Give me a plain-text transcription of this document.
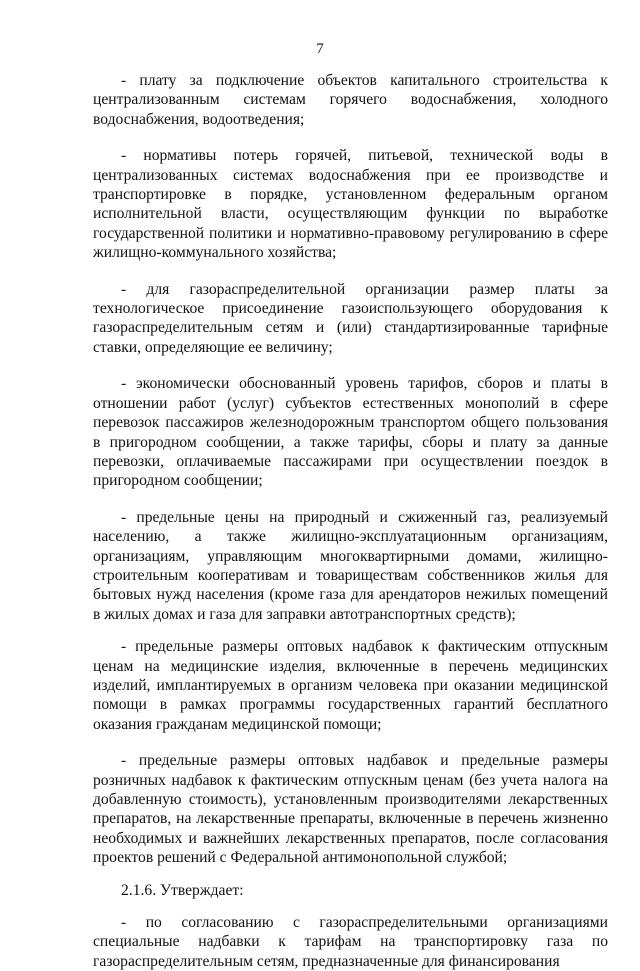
7

- плату за подключение объектов капитального строительства к централизованным системам горячего водоснабжения, холодного водоснабжения, водоотведения;

- нормативы потерь горячей, питьевой, технической воды в централизованных системах водоснабжения при ее производстве и транспортировке в порядке, установленном федеральным органом исполнительной власти, осуществляющим функции по выработке государственной политики и нормативно-правовому регулированию в сфере жилищно-коммунального хозяйства;

- для газораспределительной организации размер платы за технологическое присоединение газоиспользующего оборудования к газораспределительным сетям и (или) стандартизированные тарифные ставки, определяющие ее величину;

- экономически обоснованный уровень тарифов, сборов и платы в отношении работ (услуг) субъектов естественных монополий в сфере перевозок пассажиров железнодорожным транспортом общего пользования в пригородном сообщении, а также тарифы, сборы и плату за данные перевозки, оплачиваемые пассажирами при осуществлении поездок в пригородном сообщении;

- предельные цены на природный и сжиженный газ, реализуемый населению, а также жилищно-эксплуатационным организациям, организациям, управляющим многоквартирными домами, жилищно-строительным кооперативам и товариществам собственников жилья для бытовых нужд населения (кроме газа для арендаторов нежилых помещений в жилых домах и газа для заправки автотранспортных средств);

- предельные размеры оптовых надбавок к фактическим отпускным ценам на медицинские изделия, включенные в перечень медицинских изделий, имплантируемых в организм человека при оказании медицинской помощи в рамках программы государственных гарантий бесплатного оказания гражданам медицинской помощи;

- предельные размеры оптовых надбавок и предельные размеры розничных надбавок к фактическим отпускным ценам (без учета налога на добавленную стоимость), установленным производителями лекарственных препаратов, на лекарственные препараты, включенные в перечень жизненно необходимых и важнейших лекарственных препаратов, после согласования проектов решений с Федеральной антимонопольной службой;

2.1.6. Утверждает:

- по согласованию с газораспределительными организациями специальные надбавки к тарифам на транспортировку газа по газораспределительным сетям, предназначенные для финансирования
